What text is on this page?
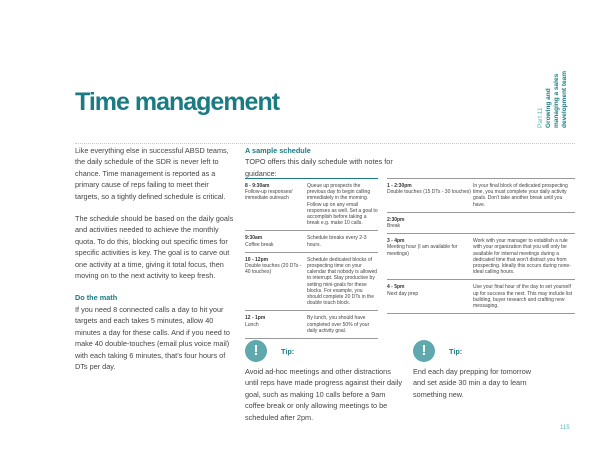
Time management
Part 11 Growing and managing a sales development team

Like everything else in successful ABSD teams, the daily schedule of the SDR is never left to chance. Time management is reported as a primary cause of reps failing to meet their targets, so a tightly defined schedule is critical.

The schedule should be based on the daily goals and activities needed to achieve the monthly quota. To do this, blocking out specific times for specific activities is key. The goal is to carve out one activity at a time, giving it total focus, then moving on to the next activity to keep fresh.

Do the math
If you need 8 connected calls a day to hit your targets and each takes 5 minutes, allow 40 minutes a day for these calls. And if you need to make 40 double-touches (email plus voice mail) with each taking 6 minutes, that's four hours of DTs per day.

A sample schedule
TOPO offers this daily schedule with notes for guidance:
8 - 9:30am
Follow-up responses/ immediate outreach
Queue up prospects the previous day to begin calling immediately in the morning. Follow up on any email responses as well. Set a goal to accomplish before taking a break e.g. make 10 calls.
9:30am
Coffee break
Schedule breaks every 2-3 hours.
10 - 12pm
Double touches (20 DTs - 40 touches)
Schedule dedicated blocks of prospecting time on your calendar that nobody is allowed to interrupt. Stay productive by setting mini-goals for these blocks. For example, you should complete 20 DTs in the double touch block.
12 - 1pm
Lunch
By lunch, you should have completed over 50% of your daily activity goal.
1 - 2:30pm
Double touches (15 DTs - 30 touches)
In your final block of dedicated prospecting time, you must complete your daily activity goals. Don't take another break until you have.
2:30pm
Break
3 - 4pm
Meeting hour (I am available for meetings)
Work with your manager to establish a rule with your organization that you will only be available for internal meetings during a dedicated time that won't distract you from prospecting. Ideally this occurs during none-ideal calling hours.
4 - 5pm
Next day prep
Use your final hour of the day to set yourself up for success the next. This may include list building, buyer research and crafting new messaging.
!	Tip:
Avoid ad-hoc meetings and other distractions until reps have made progress against their daily goal, such as making 10 calls before a 9am coffee break or only allowing meetings to be scheduled after 2pm.
!	Tip:
End each day prepping for tomorrow and set aside 30 min a day to learn something new.
115
